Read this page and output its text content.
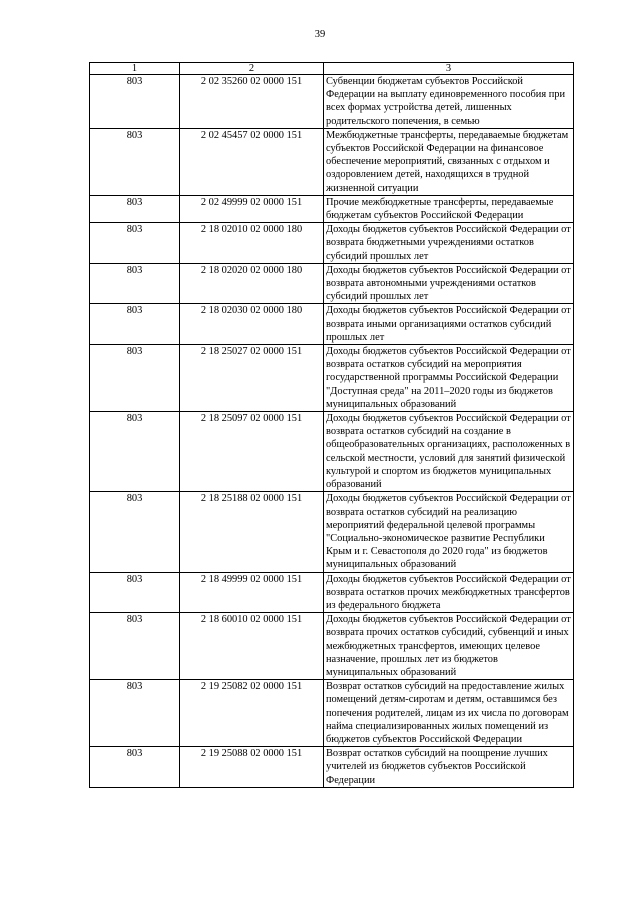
39
1	2	3
803	2 02 35260 02 0000 151	Субвенции бюджетам субъектов Российской Федерации на выплату единовременного пособия при всех формах устройства детей, лишенных родительского попечения, в семью
803	2 02 45457 02 0000 151	Межбюджетные трансферты, передаваемые бюджетам субъектов Российской Федерации на финансовое обеспечение мероприятий, связанных с отдыхом и оздоровлением детей, находящихся в трудной жизненной ситуации
803	2 02 49999 02 0000 151	Прочие межбюджетные трансферты, передаваемые бюджетам субъектов Российской Федерации
803	2 18 02010 02 0000 180	Доходы бюджетов субъектов Российской Федерации от возврата бюджетными учреждениями остатков субсидий прошлых лет
803	2 18 02020 02 0000 180	Доходы бюджетов субъектов Российской Федерации от возврата автономными учреждениями остатков субсидий прошлых лет
803	2 18 02030 02 0000 180	Доходы бюджетов субъектов Российской Федерации от возврата иными организациями остатков субсидий прошлых лет
803	2 18 25027 02 0000 151	Доходы бюджетов субъектов Российской Федерации от возврата остатков субсидий на мероприятия государственной программы Российской Федерации "Доступная среда" на 2011–2020 годы из бюджетов муниципальных образований
803	2 18 25097 02 0000 151	Доходы бюджетов субъектов Российской Федерации от возврата остатков субсидий на создание в общеобразовательных организациях, расположенных в сельской местности, условий для занятий физической культурой и спортом из бюджетов муниципальных образований
803	2 18 25188 02 0000 151	Доходы бюджетов субъектов Российской Федерации от возврата остатков субсидий на реализацию мероприятий федеральной целевой программы "Социально-экономическое развитие Республики Крым и г. Севастополя до 2020 года" из бюджетов муниципальных образований
803	2 18 49999 02 0000 151	Доходы бюджетов субъектов Российской Федерации от возврата остатков прочих межбюджетных трансфертов из федерального бюджета
803	2 18 60010 02 0000 151	Доходы бюджетов субъектов Российской Федерации от возврата прочих остатков субсидий, субвенций и иных межбюджетных трансфертов, имеющих целевое назначение, прошлых лет из бюджетов муниципальных образований
803	2 19 25082 02 0000 151	Возврат остатков субсидий на предоставление жилых помещений детям-сиротам и детям, оставшимся без попечения родителей, лицам из их числа по договорам найма специализированных жилых помещений из бюджетов субъектов Российской Федерации
803	2 19 25088 02 0000 151	Возврат остатков субсидий на поощрение лучших учителей из бюджетов субъектов Российской Федерации
